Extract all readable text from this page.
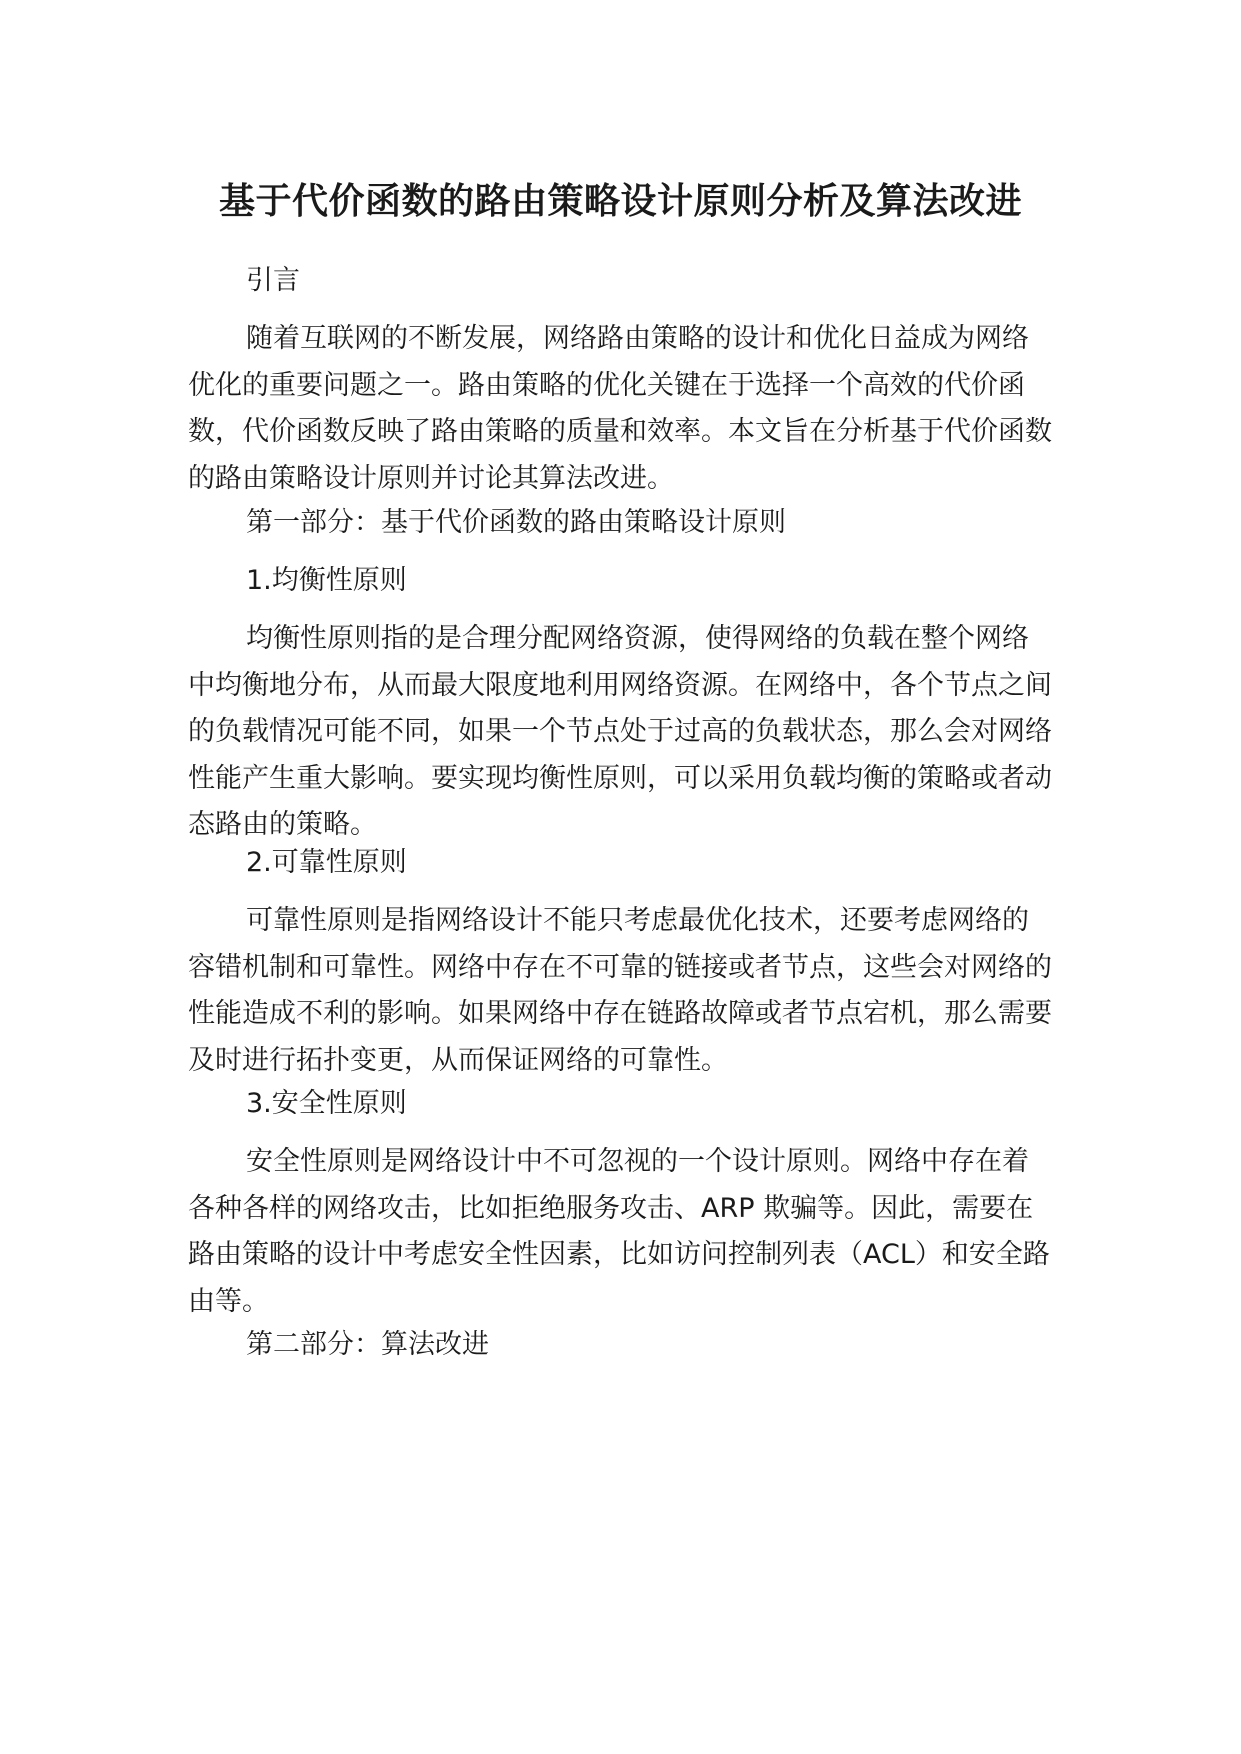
基于代价函数的路由策略设计原则分析及算法改进

引言

随着互联网的不断发展，网络路由策略的设计和优化日益成为网络优化的重要问题之一。路由策略的优化关键在于选择一个高效的代价函数，代价函数反映了路由策略的质量和效率。本文旨在分析基于代价函数的路由策略设计原则并讨论其算法改进。

第一部分：基于代价函数的路由策略设计原则

1.均衡性原则

均衡性原则指的是合理分配网络资源，使得网络的负载在整个网络中均衡地分布，从而最大限度地利用网络资源。在网络中，各个节点之间的负载情况可能不同，如果一个节点处于过高的负载状态，那么会对网络性能产生重大影响。要实现均衡性原则，可以采用负载均衡的策略或者动态路由的策略。

2.可靠性原则

可靠性原则是指网络设计不能只考虑最优化技术，还要考虑网络的容错机制和可靠性。网络中存在不可靠的链接或者节点，这些会对网络的性能造成不利的影响。如果网络中存在链路故障或者节点宕机，那么需要及时进行拓扑变更，从而保证网络的可靠性。

3.安全性原则

安全性原则是网络设计中不可忽视的一个设计原则。网络中存在着各种各样的网络攻击，比如拒绝服务攻击、ARP 欺骗等。因此，需要在路由策略的设计中考虑安全性因素，比如访问控制列表（ACL）和安全路由等。

第二部分：算法改进
